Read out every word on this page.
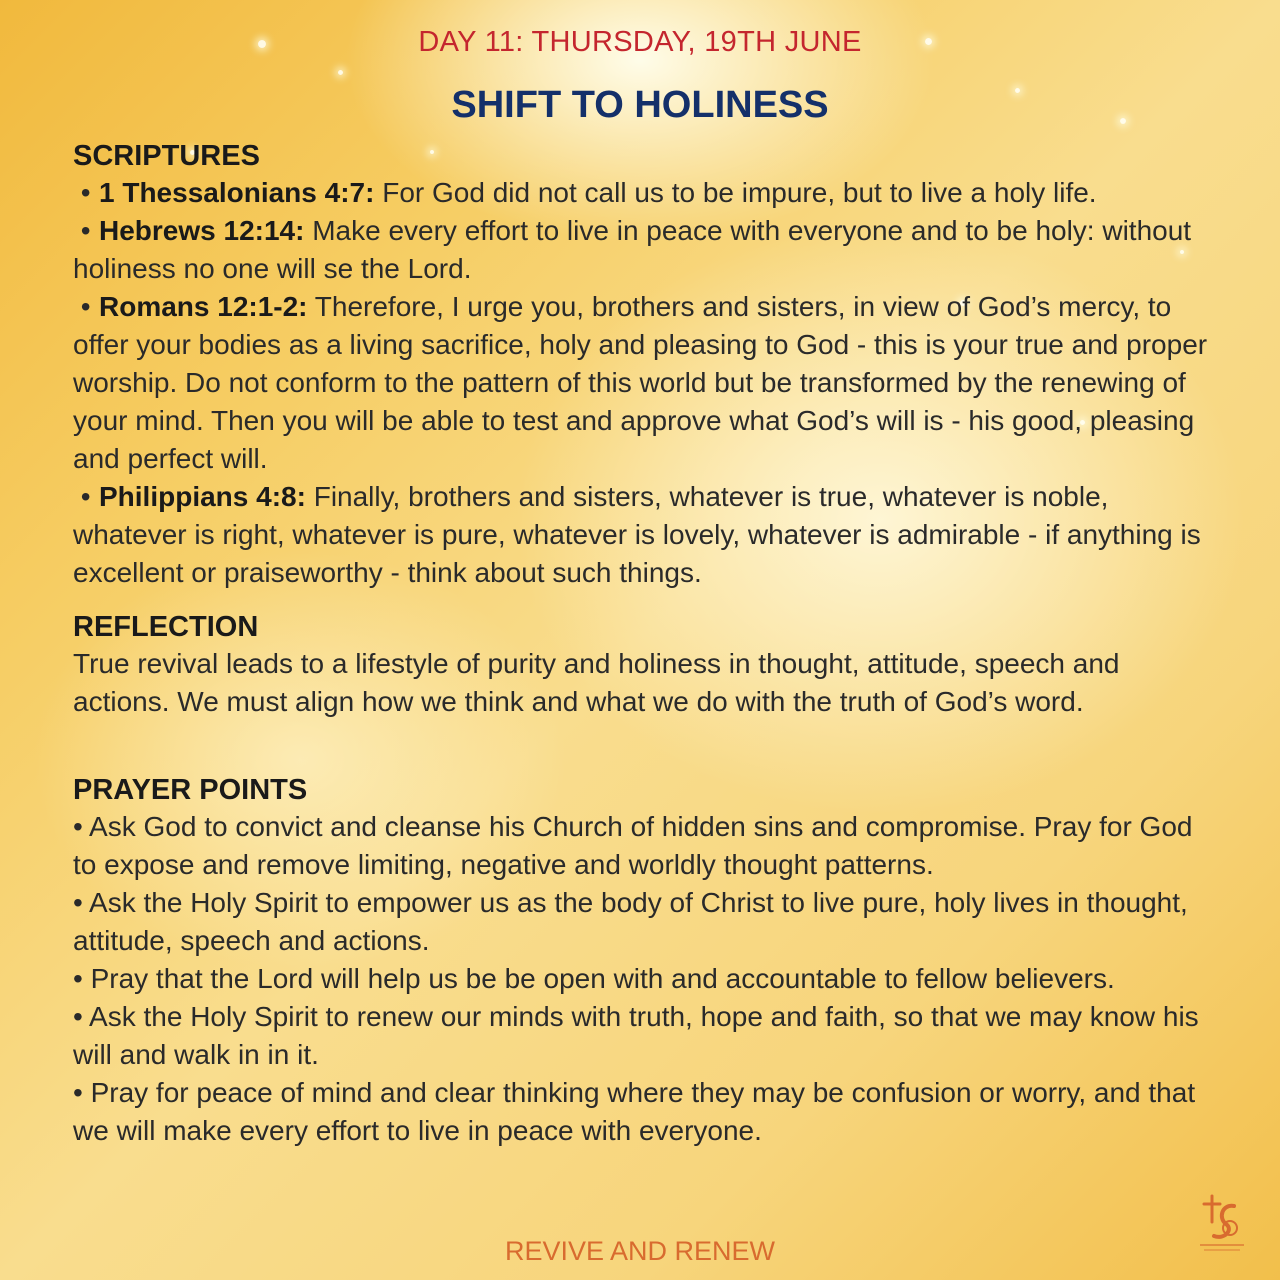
DAY 11: THURSDAY, 19TH JUNE
SHIFT TO HOLINESS
SCRIPTURES

• 1 Thessalonians 4:7: For God did not call us to be impure, but to live a holy life.

• Hebrews 12:14: Make every effort to live in peace with everyone and to be holy: without holiness no one will se the Lord.

• Romans 12:1-2: Therefore, I urge you, brothers and sisters, in view of God’s mercy, to offer your bodies as a living sacrifice, holy and pleasing to God - this is your true and proper worship. Do not conform to the pattern of this world but be transformed by the renewing of your mind. Then you will be able to test and approve what God’s will is - his good, pleasing and perfect will.

• Philippians 4:8: Finally, brothers and sisters, whatever is true, whatever is noble, whatever is right, whatever is pure, whatever is lovely, whatever is admirable - if anything is excellent or praiseworthy - think about such things.

REFLECTION

True revival leads to a lifestyle of purity and holiness in thought, attitude, speech and actions. We must align how we think and what we do with the truth of God’s word.

PRAYER POINTS

• Ask God to convict and cleanse his Church of hidden sins and compromise. Pray for God to expose and remove limiting, negative and worldly thought patterns.

• Ask the Holy Spirit to empower us as the body of Christ to live pure, holy lives in thought, attitude, speech and actions.

• Pray that the Lord will help us be be open with and accountable to fellow believers.

• Ask the Holy Spirit to renew our minds with truth, hope and faith, so that we may know his will and walk in in it.

• Pray for peace of mind and clear thinking where they may be confusion or worry, and that we will make every effort to live in peace with everyone.

REVIVE AND RENEW
